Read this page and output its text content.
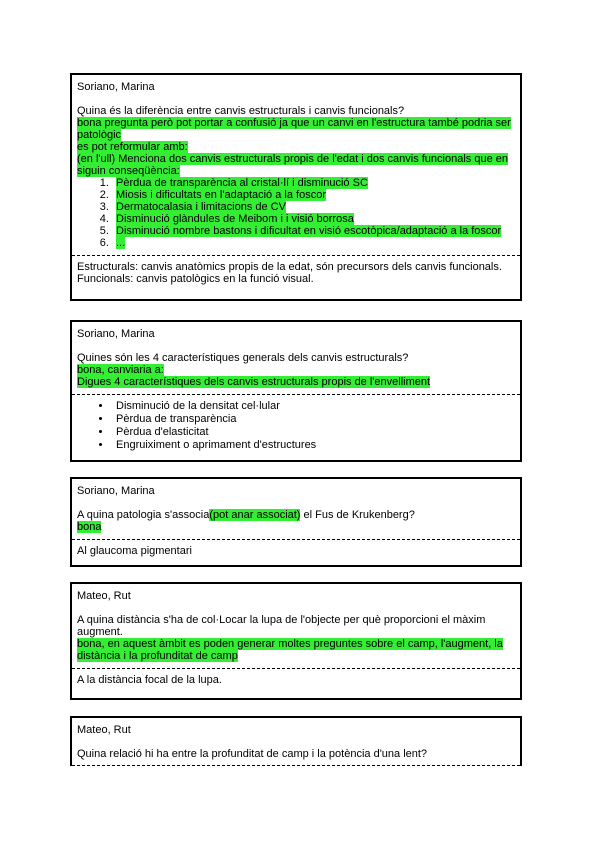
Soriano, Marina
Quina és la diferència entre canvis estructurals i canvis funcionals?
bona pregunta però pot portar a confusió ja que un canvi en l'estructura també podria ser patològic
es pot reformular amb:
(en l'ull) Menciona dos canvis estructurals propis de l'edat i dos canvis funcionals que en siguin conseqüència:
1. Pèrdua de transparència al cristal·lí i disminució SC
2. Miosis i dificultats en l'adaptació a la foscor
3. Dermatocalasia i limitacions de CV
4. Disminució glàndules de Meibom i i visió borrosa
5. Disminució nombre bastons i dificultat en visió escotòpica/adaptació a la foscor
6. ...
Estructurals: canvis anatòmics propis de la edat, són precursors dels canvis funcionals.
Funcionals: canvis patològics en la funció visual.
Soriano, Marina
Quines són les 4 característiques generals dels canvis estructurals?
bona, canviaria a:
Digues 4 característiques dels canvis estructurals propis de l'envelliment
• Disminució de la densitat cel·lular
• Pèrdua de transparència
• Pèrdua d'elasticitat
• Engruiximent o aprimament d'estructures
Soriano, Marina
A quina patologia s'associa(pot anar associat) el Fus de Krukenberg?
bona
Al glaucoma pigmentari
Mateo, Rut
A quina distància s'ha de col·Locar la lupa de l'objecte per què proporcioni el màxim augment.
bona, en aquest àmbit es poden generar moltes preguntes sobre el camp, l'augment, la distància i la profunditat de camp
A la distància focal de la lupa.
Mateo, Rut
Quina relació hi ha entre la profunditat de camp i la potència d'una lent?
